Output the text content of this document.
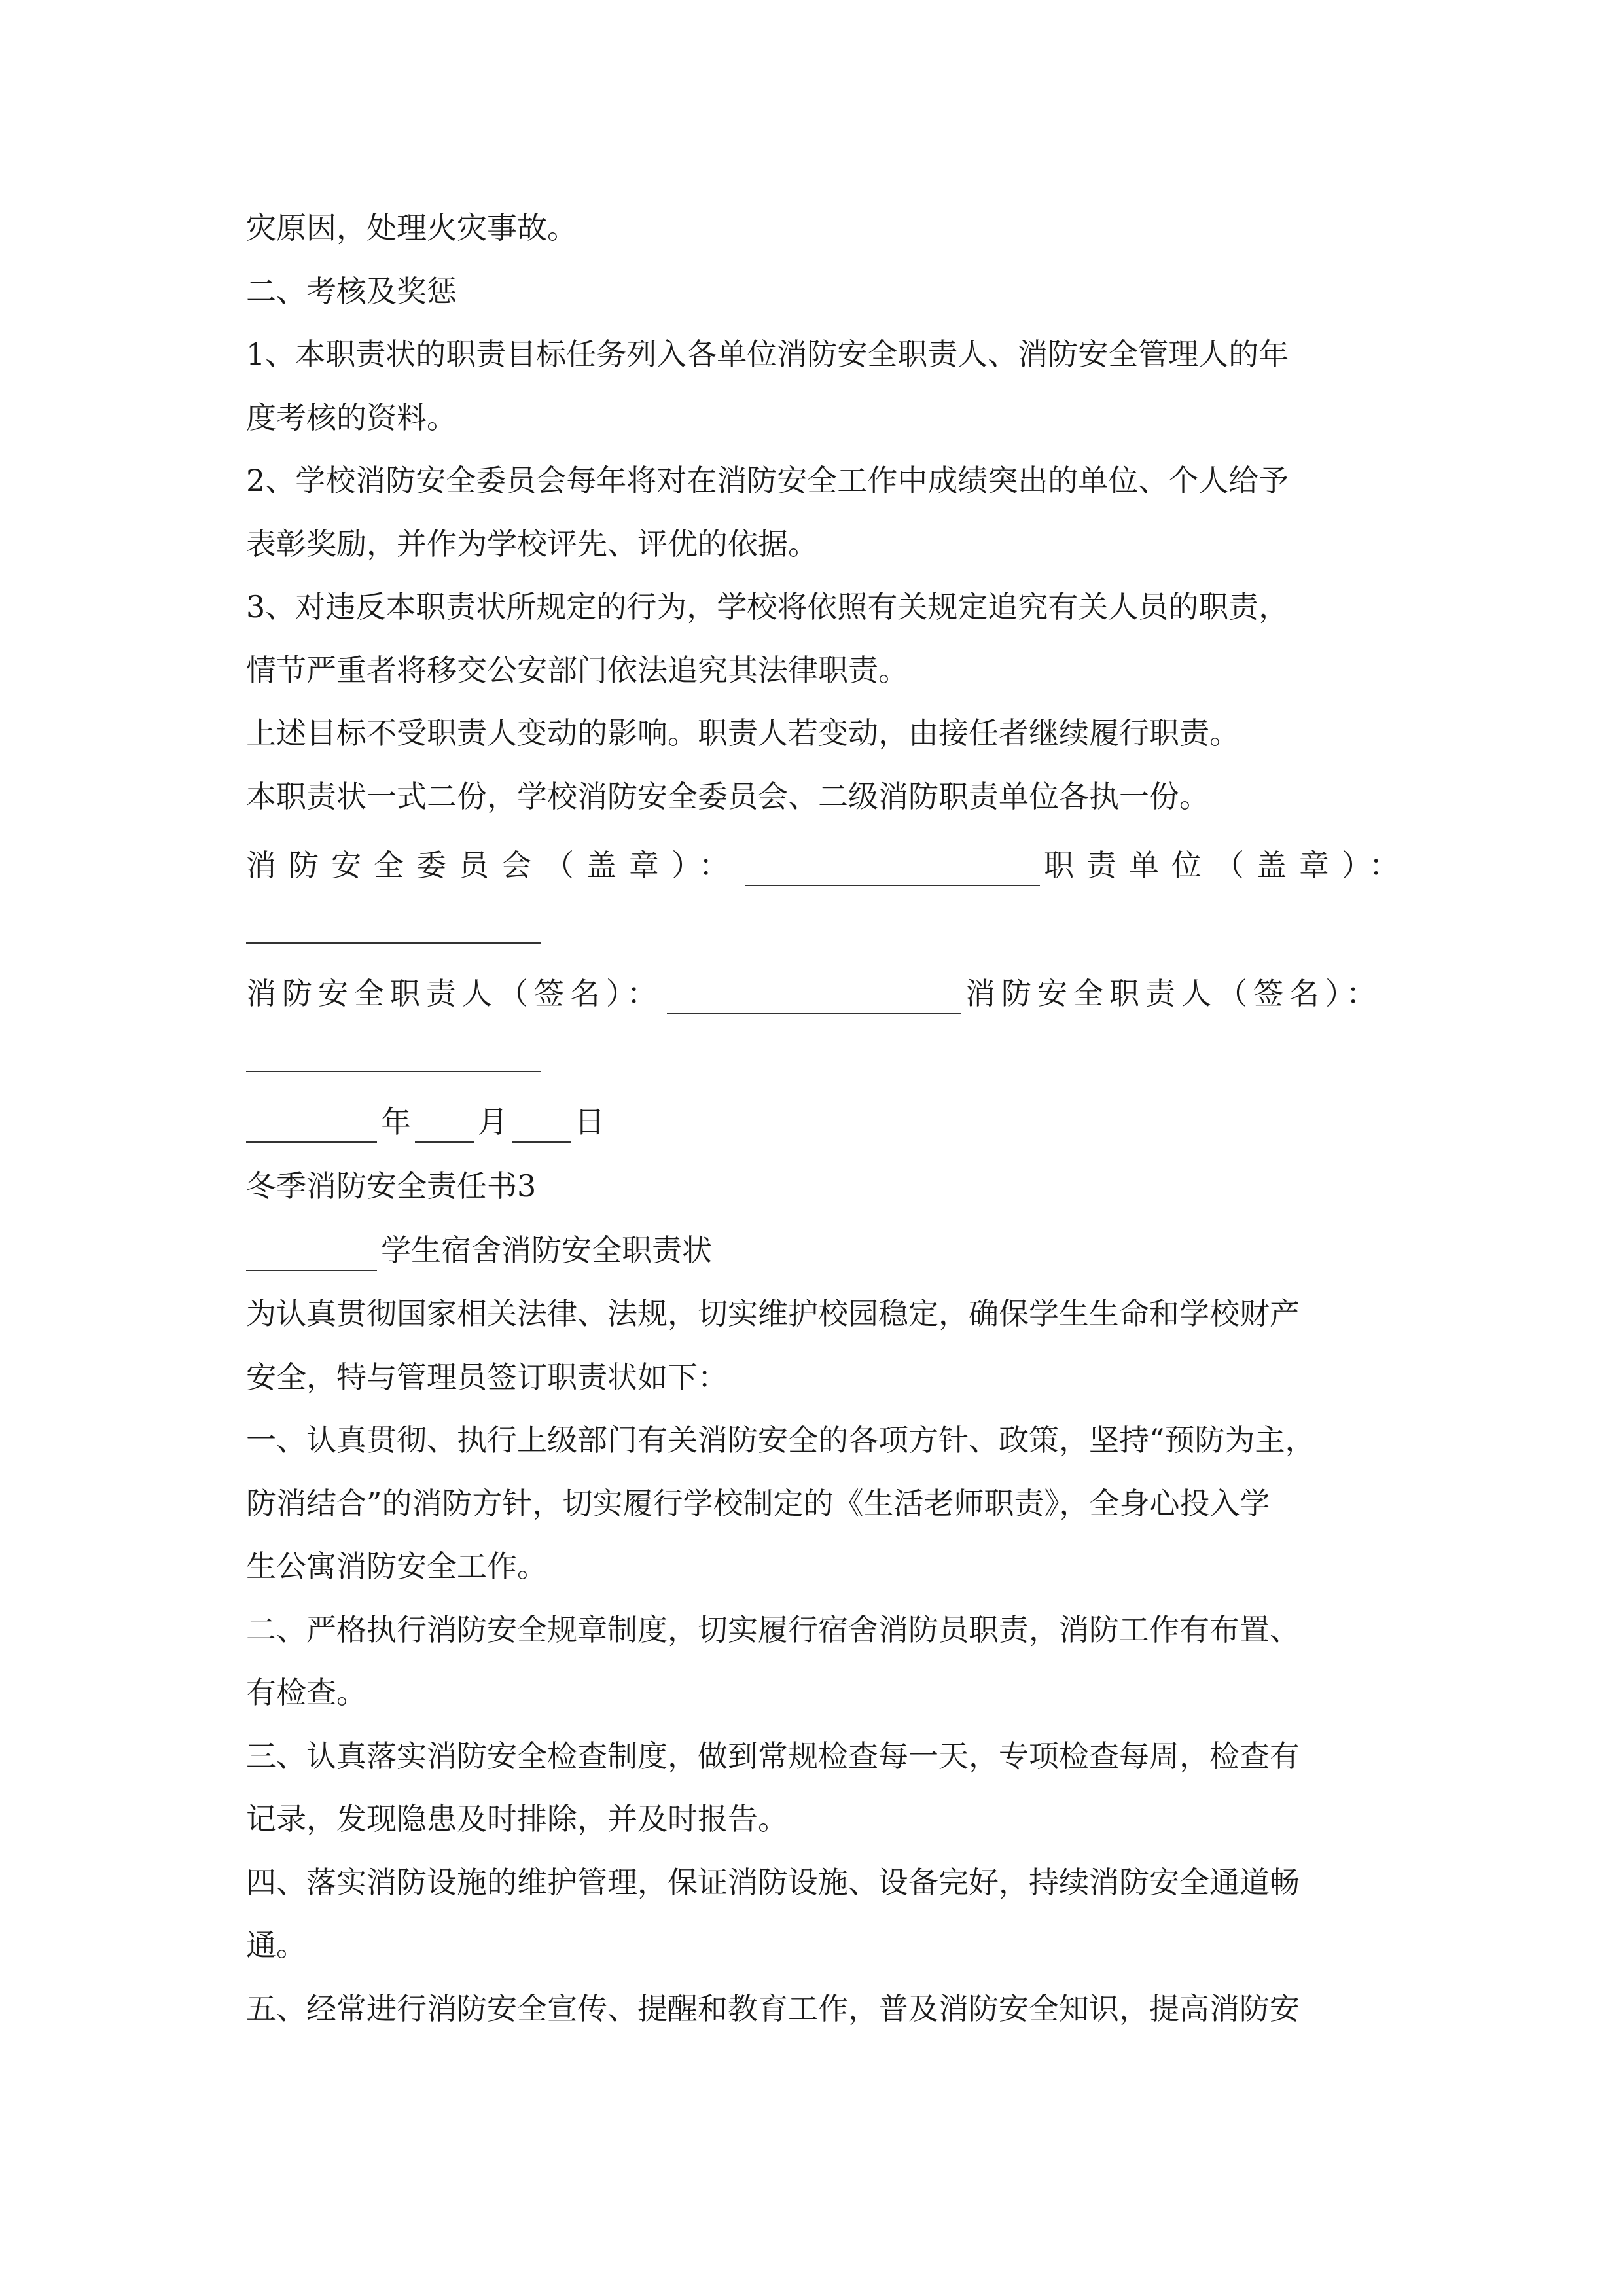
灾原因，处理火灾事故。
二、考核及奖惩
1、本职责状的职责目标任务列入各单位消防安全职责人、消防安全管理人的年
度考核的资料。
2、学校消防安全委员会每年将对在消防安全工作中成绩突出的单位、个人给予
表彰奖励，并作为学校评先、评优的依据。
3、对违反本职责状所规定的行为，学校将依照有关规定追究有关人员的职责，
情节严重者将移交公安部门依法追究其法律职责。
上述目标不受职责人变动的影响。职责人若变动，由接任者继续履行职责。
本职责状一式二份，学校消防安全委员会、二级消防职责单位各执一份。
消防安全委员会（盖章）：	职责单位（盖章）：
消防安全职责人（签名）：	消防安全职责人（签名）：
年 月 日
冬季消防安全责任书3
学生宿舍消防安全职责状
为认真贯彻国家相关法律、法规，切实维护校园稳定，确保学生生命和学校财产
安全，特与管理员签订职责状如下：
一、认真贯彻、执行上级部门有关消防安全的各项方针、政策，坚持“预防为主，
防消结合”的消防方针，切实履行学校制定的《生活老师职责》，全身心投入学
生公寓消防安全工作。
二、严格执行消防安全规章制度，切实履行宿舍消防员职责，消防工作有布置、
有检查。
三、认真落实消防安全检查制度，做到常规检查每一天，专项检查每周，检查有
记录，发现隐患及时排除，并及时报告。
四、落实消防设施的维护管理，保证消防设施、设备完好，持续消防安全通道畅
通。
五、经常进行消防安全宣传、提醒和教育工作，普及消防安全知识，提高消防安
